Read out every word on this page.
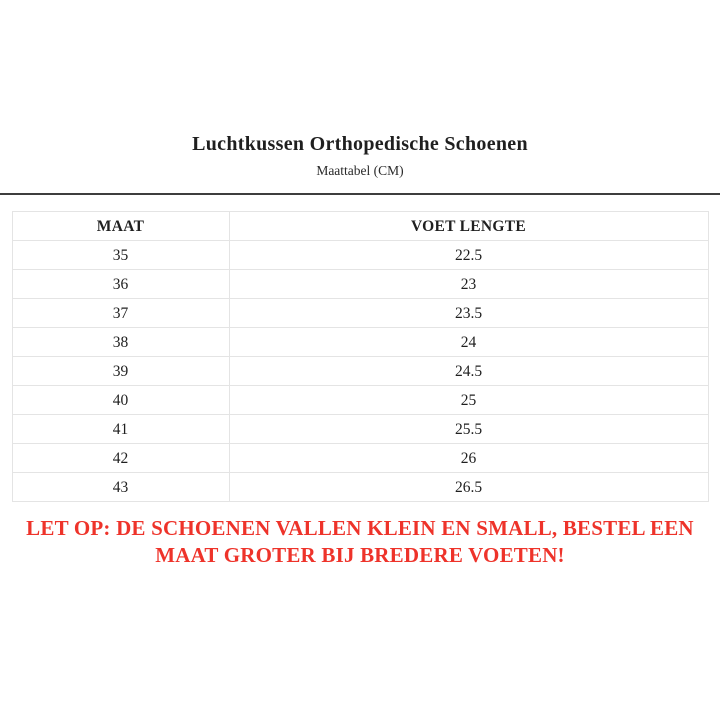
Luchtkussen Orthopedische Schoenen

Maattabel (CM)

MAAT	VOET LENGTE
35	22.5
36	23
37	23.5
38	24
39	24.5
40	25
41	25.5
42	26
43	26.5

LET OP: DE SCHOENEN VALLEN KLEIN EN SMALL, BESTEL EEN MAAT GROTER BIJ BREDERE VOETEN!
